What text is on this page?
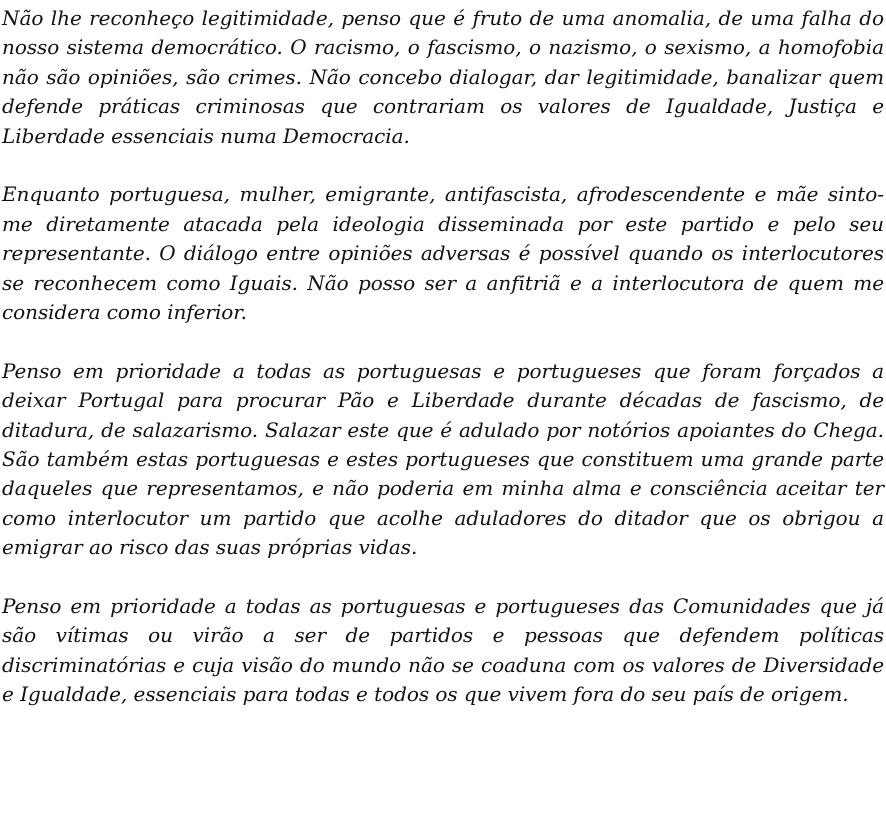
Não lhe reconheço legitimidade, penso que é fruto de uma anomalia, de uma falha do nosso sistema democrático. O racismo, o fascismo, o nazismo, o sexismo, a homofobia não são opiniões, são crimes. Não concebo dialogar, dar legitimidade, banalizar quem defende práticas criminosas que contrariam os valores de Igualdade, Justiça e Liberdade essenciais numa Democracia.

Enquanto portuguesa, mulher, emigrante, antifascista, afrodescendente e mãe sinto-me diretamente atacada pela ideologia disseminada por este partido e pelo seu representante. O diálogo entre opiniões adversas é possível quando os interlocutores se reconhecem como Iguais. Não posso ser a anfitriã e a interlocutora de quem me considera como inferior.

Penso em prioridade a todas as portuguesas e portugueses que foram forçados a deixar Portugal para procurar Pão e Liberdade durante décadas de fascismo, de ditadura, de salazarismo. Salazar este que é adulado por notórios apoiantes do Chega. São também estas portuguesas e estes portugueses que constituem uma grande parte daqueles que representamos, e não poderia em minha alma e consciência aceitar ter como interlocutor um partido que acolhe aduladores do ditador que os obrigou a emigrar ao risco das suas próprias vidas.

Penso em prioridade a todas as portuguesas e portugueses das Comunidades que já são vítimas ou virão a ser de partidos e pessoas que defendem políticas discriminatórias e cuja visão do mundo não se coaduna com os valores de Diversidade e Igualdade, essenciais para todas e todos os que vivem fora do seu país de origem.
